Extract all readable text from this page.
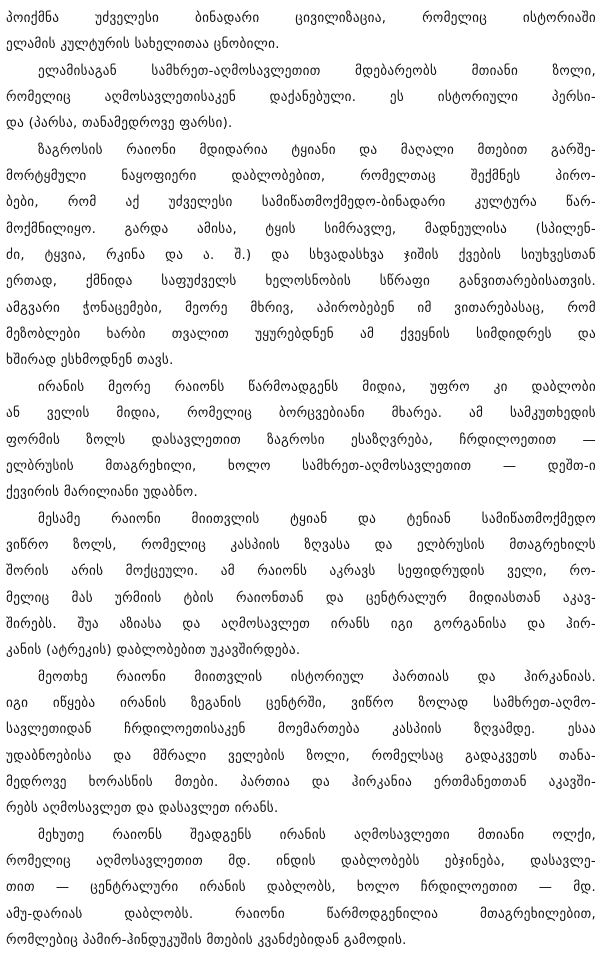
პოიქმნა უძველესი ბინადარი ცივილიზაცია, რომელიც ისტორიაში
ელამის კულტურის სახელითაა ცნობილი.
ელამისაგან სამხრეთ-აღმოსავლეთით მდებარეობს მთიანი ზოლი,
რომელიც აღმოსავლეთისაკენ დაქანებული. ეს ისტორიული პერსი-
და (პარსა, თანამედროვე ფარსი).
ზაგროსის რაიონი მდიდარია ტყიანი და მაღალი მთებით გარშე-
მორტყმული ნაყოფიერი დაბლობებით, რომელთაც შექმნეს პირო-
ბები, რომ აქ უძველესი სამიწათმოქმედო-ბინადარი კულტურა წარ-
მოქმნილიყო. გარდა ამისა, ტყის სიმრავლე, მადნეულისა (სპილენ-
ძი, ტყვია, რკინა და ა. შ.) და სხვადასხვა ჯიშის ქვების სიუხვესთან
ერთად, ქმნიდა საფუძველს ხელოსნობის სწრაფი განვითარებისათვის.
ამგვარი ჭონაცემები, მეორე მხრივ, აპირობებენ იმ ვითარებასაც, რომ
მეზობლები ხარბი თვალით უყურებდნენ ამ ქვეყნის სიმდიდრეს და
ხშირად ესხმოდნენ თავს.
ირანის მეორე რაიონს წარმოადგენს მიდია, უფრო კი დაბლობი
ან ველის მიდია, რომელიც ბორცვებიანი მხარეა. ამ სამკუთხედის
ფორმის ზოლს დასავლეთით ზაგროსი ესაზღვრება, ჩრდილოეთით —
ელბრუსის მთაგრეხილი, ხოლო სამხრეთ-აღმოსავლეთით — დეშთ-ი
ქევირის მარილიანი უდაბნო.
მესამე რაიონი მიითვლის ტყიან და ტენიან სამიწათმოქმედო
ვიწრო ზოლს, რომელიც კასპიის ზღვასა და ელბრუსის მთაგრეხილს
შორის არის მოქცეული. ამ რაიონს აკრავს სეფიდრუდის ველი, რო-
მელიც მას ურმიის ტბის რაიონთან და ცენტრალურ მიდიასთან აკავ-
შირებს. შუა აზიასა და აღმოსავლეთ ირანს იგი გორგანისა და ჰირ-
კანის (ატრეკის) დაბლობებით უკავშირდება.
მეოთხე რაიონი მიითვლის ისტორიულ პართიას და ჰირკანიას.
იგი იწყება ირანის ზეგანის ცენტრში, ვიწრო ზოლად სამხრეთ-აღმო-
სავლეთიდან ჩრდილოეთისაკენ მოემართება კასპიის ზღვამდე. ესაა
უდაბნოებისა და მშრალი ველების ზოლი, რომელსაც გადაკვეთს თანა-
მედროვე ხორასნის მთები. პართია და ჰირკანია ერთმანეთთან აკავში-
რებს აღმოსავლეთ და დასავლეთ ირანს.
მეხუთე რაიონს შეადგენს ირანის აღმოსავლეთი მთიანი ოლქი,
რომელიც აღმოსავლეთით მდ. ინდის დაბლობებს ებჯინება, დასავლე-
თით — ცენტრალური ირანის დაბლობს, ხოლო ჩრდილოეთით — მდ.
ამუ-დარიას დაბლობს. რაიონი წარმოდგენილია მთაგრეხილებით,
რომლებიც პამირ-ჰინდუკუშის მთების კვანძებიდან გამოდის.
